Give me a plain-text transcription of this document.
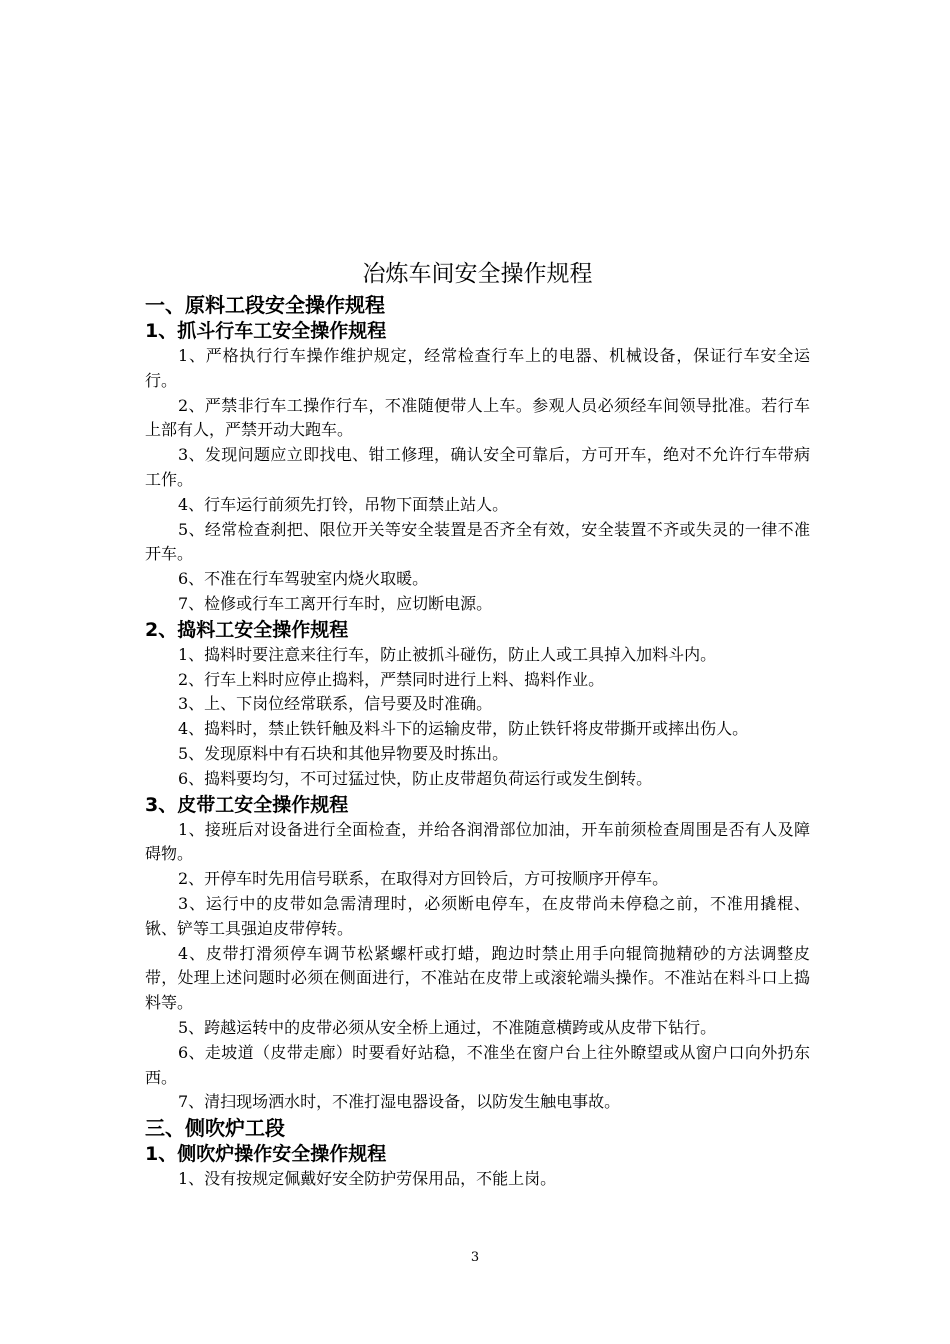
冶炼车间安全操作规程
一、原料工段安全操作规程
1、抓斗行车工安全操作规程

1、严格执行行车操作维护规定，经常检查行车上的电器、机械设备，保证行车安全运行。

2、严禁非行车工操作行车，不准随便带人上车。参观人员必须经车间领导批准。若行车上部有人，严禁开动大跑车。

3、发现问题应立即找电、钳工修理，确认安全可靠后，方可开车，绝对不允许行车带病工作。

4、行车运行前须先打铃，吊物下面禁止站人。

5、经常检查刹把、限位开关等安全装置是否齐全有效，安全装置不齐或失灵的一律不准开车。

6、不准在行车驾驶室内烧火取暖。

7、检修或行车工离开行车时，应切断电源。

2、捣料工安全操作规程

1、捣料时要注意来往行车，防止被抓斗碰伤，防止人或工具掉入加料斗内。

2、行车上料时应停止捣料，严禁同时进行上料、捣料作业。

3、上、下岗位经常联系，信号要及时准确。

4、捣料时，禁止铁钎触及料斗下的运输皮带，防止铁钎将皮带撕开或摔出伤人。

5、发现原料中有石块和其他异物要及时拣出。

6、捣料要均匀，不可过猛过快，防止皮带超负荷运行或发生倒转。

3、皮带工安全操作规程

1、接班后对设备进行全面检查，并给各润滑部位加油，开车前须检查周围是否有人及障碍物。

2、开停车时先用信号联系，在取得对方回铃后，方可按顺序开停车。

3、运行中的皮带如急需清理时，必须断电停车，在皮带尚未停稳之前，不准用撬棍、锹、铲等工具强迫皮带停转。

4、皮带打滑须停车调节松紧螺杆或打蜡，跑边时禁止用手向辊筒抛精砂的方法调整皮带，处理上述问题时必须在侧面进行，不准站在皮带上或滚轮端头操作。不准站在料斗口上捣料等。

5、跨越运转中的皮带必须从安全桥上通过，不准随意横跨或从皮带下钻行。

6、走坡道（皮带走廊）时要看好站稳，不准坐在窗户台上往外瞭望或从窗户口向外扔东西。

7、清扫现场洒水时，不准打湿电器设备，以防发生触电事故。

三、侧吹炉工段
1、侧吹炉操作安全操作规程

1、没有按规定佩戴好安全防护劳保用品，不能上岗。

3
